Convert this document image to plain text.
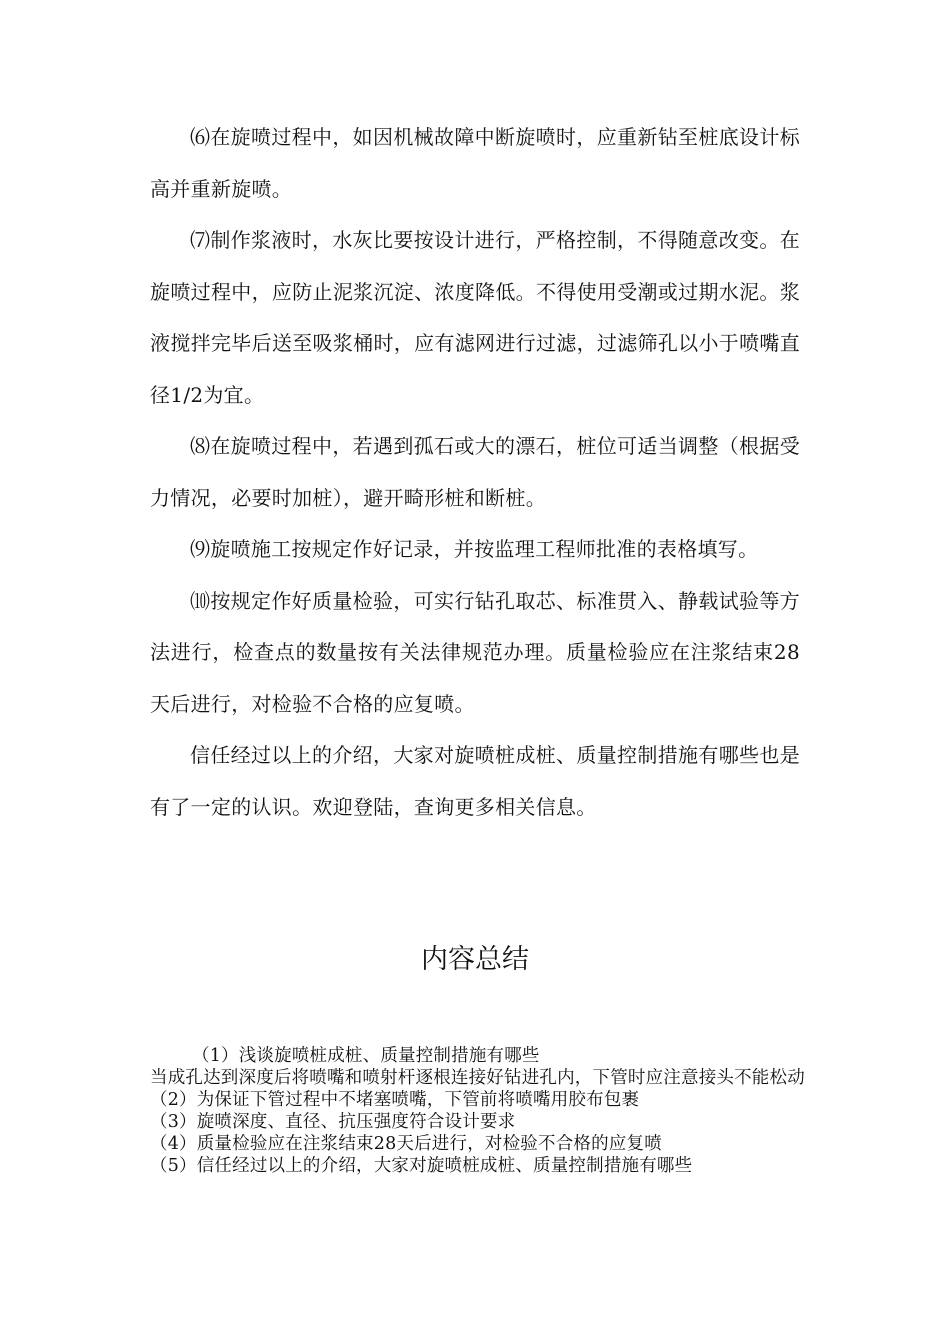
⑹在旋喷过程中，如因机械故障中断旋喷时，应重新钻至桩底设计标高并重新旋喷。

⑺制作浆液时，水灰比要按设计进行，严格控制，不得随意改变。在旋喷过程中，应防止泥浆沉淀、浓度降低。不得使用受潮或过期水泥。浆液搅拌完毕后送至吸浆桶时，应有滤网进行过滤，过滤筛孔以小于喷嘴直径1/2为宜。

⑻在旋喷过程中，若遇到孤石或大的漂石，桩位可适当调整（根据受力情况，必要时加桩），避开畸形桩和断桩。

⑼旋喷施工按规定作好记录，并按监理工程师批准的表格填写。

⑽按规定作好质量检验，可实行钻孔取芯、标准贯入、静载试验等方法进行，检查点的数量按有关法律规范办理。质量检验应在注浆结束28天后进行，对检验不合格的应复喷。

信任经过以上的介绍，大家对旋喷桩成桩、质量控制措施有哪些也是有了一定的认识。欢迎登陆，查询更多相关信息。

内容总结

（1）浅谈旋喷桩成桩、质量控制措施有哪些

当成孔达到深度后将喷嘴和喷射杆逐根连接好钻进孔内，下管时应注意接头不能松动

（2）为保证下管过程中不堵塞喷嘴，下管前将喷嘴用胶布包裹

（3）旋喷深度、直径、抗压强度符合设计要求

（4）质量检验应在注浆结束28天后进行，对检验不合格的应复喷

（5）信任经过以上的介绍，大家对旋喷桩成桩、质量控制措施有哪些
